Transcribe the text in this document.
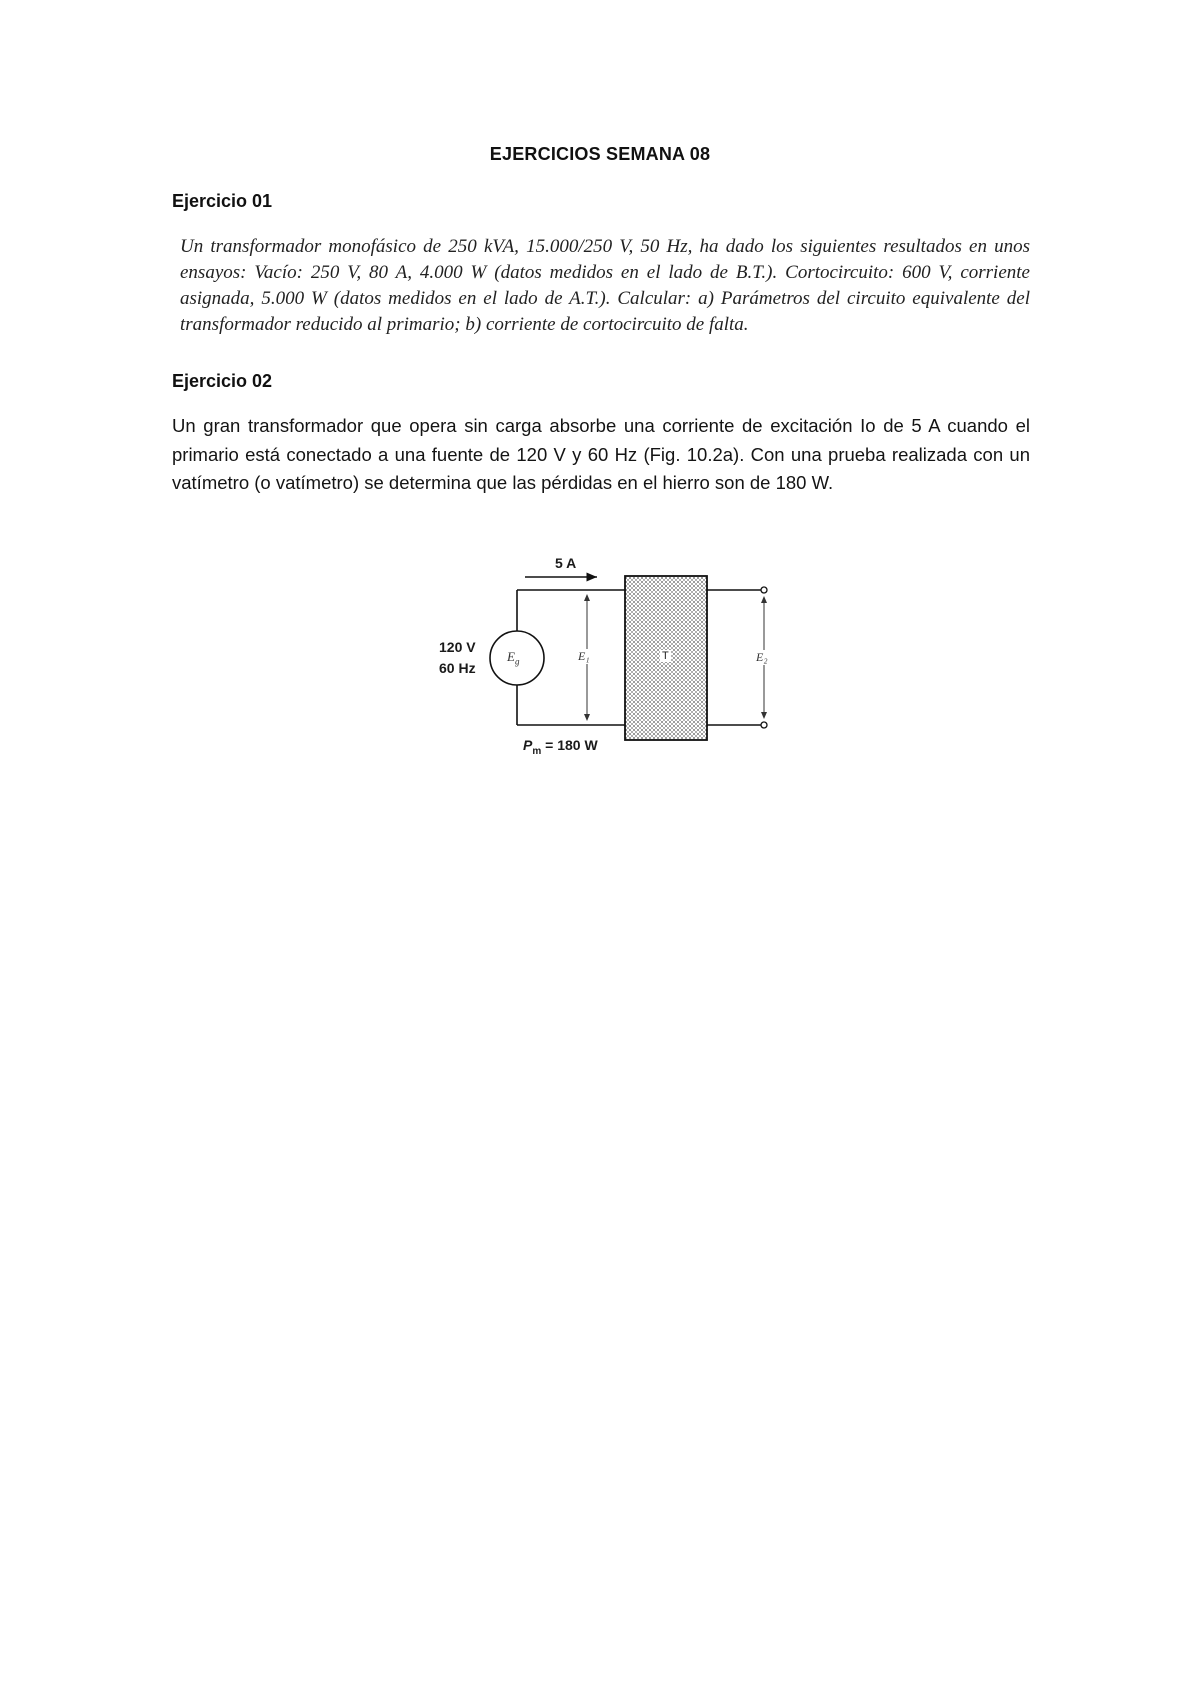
EJERCICIOS SEMANA 08
Ejercicio 01
Un transformador monofásico de 250 kVA, 15.000/250 V, 50 Hz, ha dado los siguientes resultados en unos ensayos: Vacío: 250 V, 80 A, 4.000 W (datos medidos en el lado de B.T.). Cortocircuito: 600 V, corriente asignada, 5.000 W (datos medidos en el lado de A.T.). Calcular: a) Parámetros del circuito equivalente del transformador reducido al primario; b) corriente de cortocircuito de falta.
Ejercicio 02
Un gran transformador que opera sin carga absorbe una corriente de excitación Io de 5 A cuando el primario está conectado a una fuente de 120 V y 60 Hz (Fig. 10.2a). Con una prueba realizada con un vatímetro (o vatímetro) se determina que las pérdidas en el hierro son de 180 W.
5 A
120 V
60 Hz
$E_g$	E₁	T	E₂
$P_m = 180$ W
